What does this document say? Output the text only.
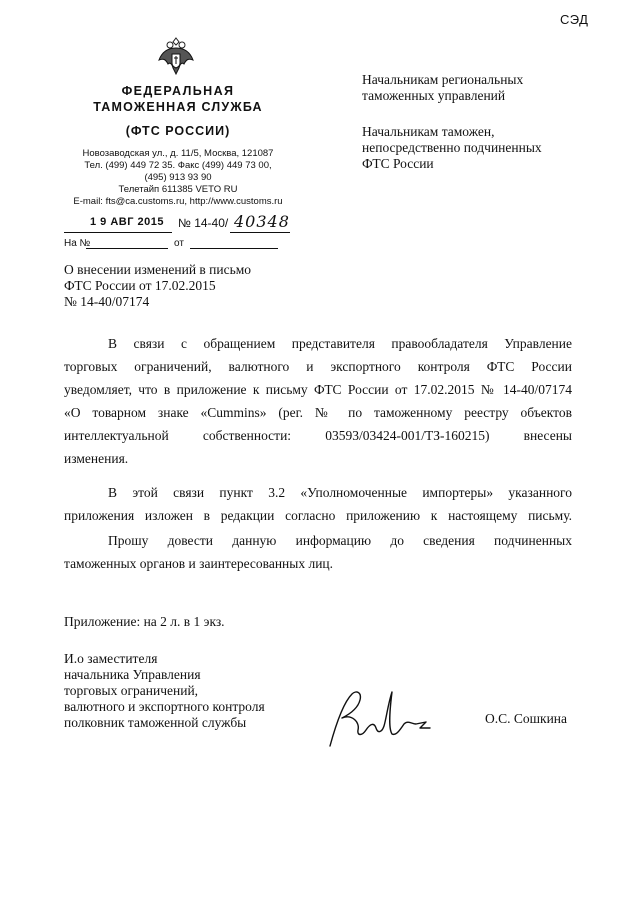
СЭД
ФЕДЕРАЛЬНАЯ
ТАМОЖЕННАЯ СЛУЖБА
(ФТС РОССИИ)
Новозаводская ул., д. 11/5, Москва, 121087
Тел. (499) 449 72 35. Факс (499) 449 73 00,
(495) 913 93 90
Телетайп 611385 VETO RU
E-mail: fts@ca.customs.ru, http://www.customs.ru
1 9 АВГ 2015 № 14-40/ 40348
На №	от
Начальникам региональных
таможенных управлений
Начальникам таможен,
непосредственно подчиненных
ФТС России
О внесении изменений в письмо
ФТС России от 17.02.2015
№ 14-40/07174
В связи с обращением представителя правообладателя Управление
торговых ограничений, валютного и экспортного контроля ФТС России
уведомляет, что в приложение к письму ФТС России от 17.02.2015 № 14-40/07174
«О товарном знаке «Cummins» (рег. № по таможенному реестру объектов
интеллектуальной собственности: 03593/03424-001/ТЗ-160215) внесены
изменения.
В этой связи пункт 3.2 «Уполномоченные импортеры» указанного
приложения изложен в редакции согласно приложению к настоящему письму.
Прошу довести данную информацию до сведения подчиненных
таможенных органов и заинтересованных лиц.
Приложение: на 2 л. в 1 экз.
И.о заместителя
начальника Управления
торговых ограничений,
валютного и экспортного контроля
полковник таможенной службы	О.С. Сошкина
